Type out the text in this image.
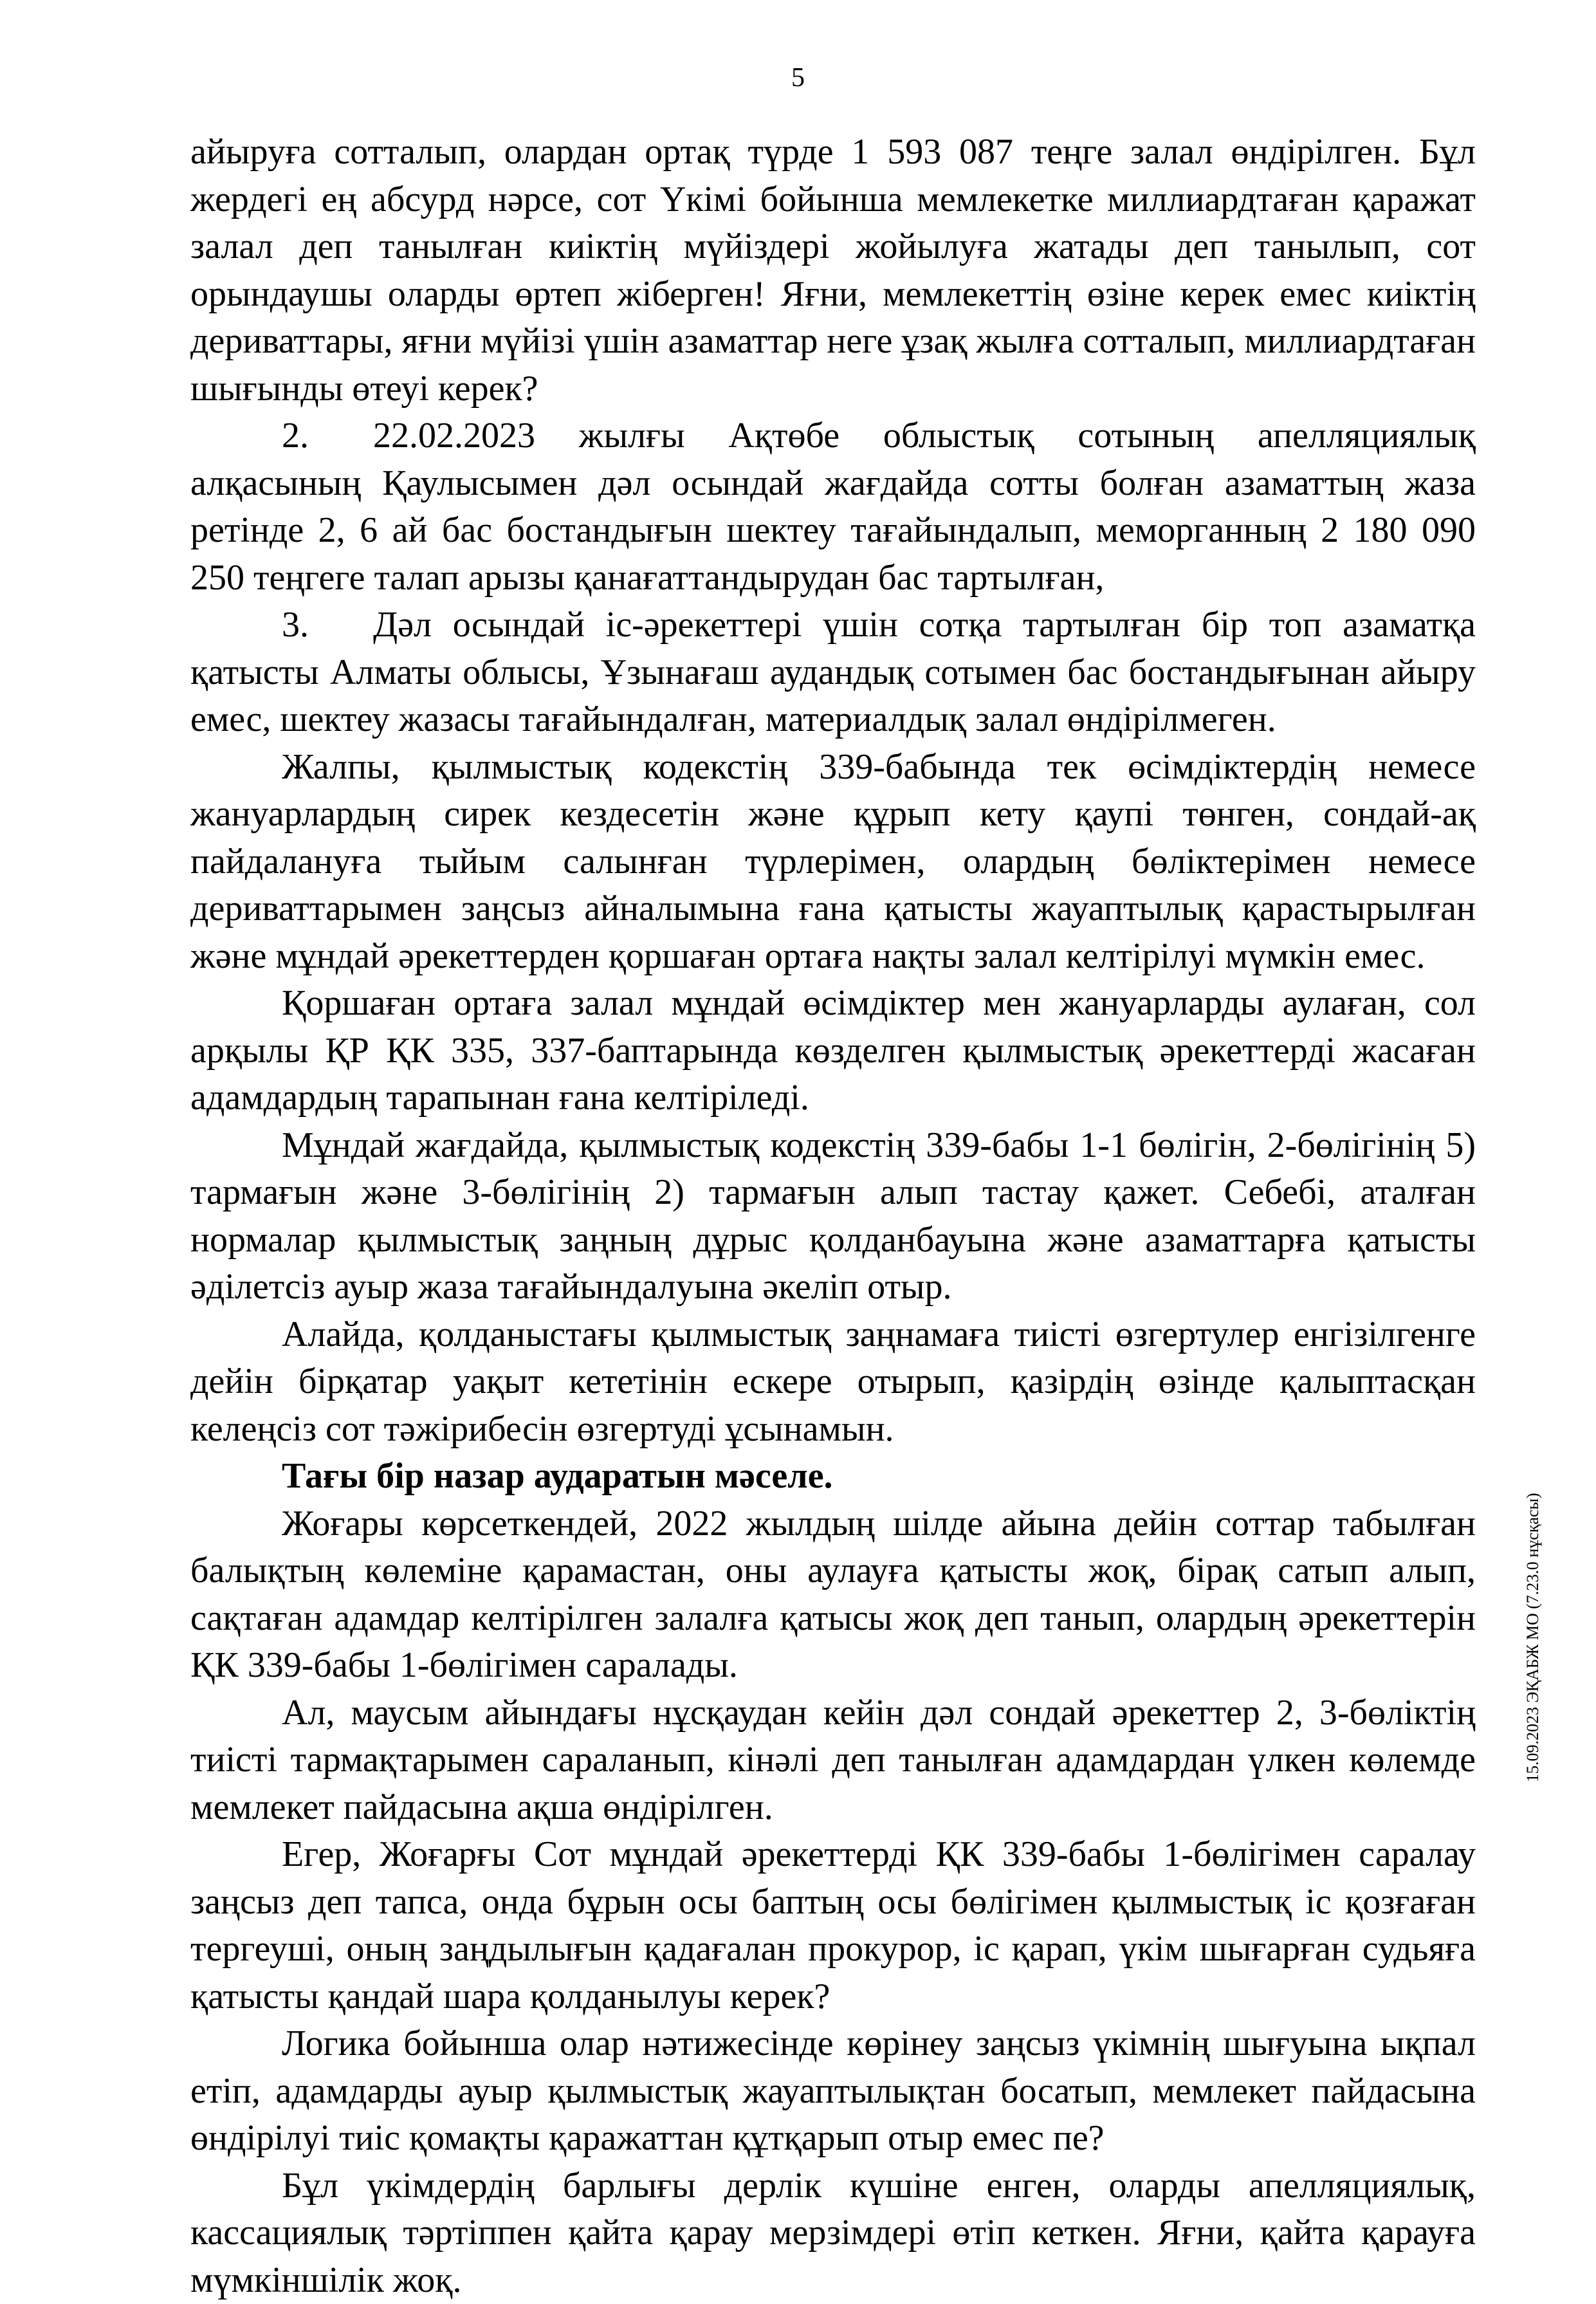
5

айыруға сотталып, олардан ортақ түрде 1 593 087 теңге залал өндірілген. Бұл жердегі ең абсурд нәрсе, сот Үкімі бойынша мемлекетке миллиардтаған қаражат залал деп танылған киіктің мүйіздері жойылуға жатады деп танылып, сот орындаушы оларды өртеп жіберген! Яғни, мемлекеттің өзіне керек емес киіктің дериваттары, яғни мүйізі үшін азаматтар неге ұзақ жылға сотталып, миллиардтаған шығынды өтеуі керек?

2. 22.02.2023 жылғы Ақтөбе облыстық сотының апелляциялық алқасының Қаулысымен дәл осындай жағдайда сотты болған азаматтың жаза ретінде 2, 6 ай бас бостандығын шектеу тағайындалып, меморганның 2 180 090 250 теңгеге талап арызы қанағаттандырудан бас тартылған,

3. Дәл осындай іс-әрекеттері үшін сотқа тартылған бір топ азаматқа қатысты Алматы облысы, Ұзынағаш аудандық сотымен бас бостандығынан айыру емес, шектеу жазасы тағайындалған, материалдық залал өндірілмеген.

Жалпы, қылмыстық кодекстің 339-бабында тек өсімдіктердің немесе жануарлардың сирек кездесетін және құрып кету қаупі төнген, сондай-ақ пайдалануға тыйым салынған түрлерімен, олардың бөліктерімен немесе дериваттарымен заңсыз айналымына ғана қатысты жауаптылық қарастырылған және мұндай әрекеттерден қоршаған ортаға нақты залал келтірілуі мүмкін емес.

Қоршаған ортаға залал мұндай өсімдіктер мен жануарларды аулаған, сол арқылы ҚР ҚК 335, 337-баптарында көзделген қылмыстық әрекеттерді жасаған адамдардың тарапынан ғана келтіріледі.

Мұндай жағдайда, қылмыстық кодекстің 339-бабы 1-1 бөлігін, 2-бөлігінің 5) тармағын және 3-бөлігінің 2) тармағын алып тастау қажет. Себебі, аталған нормалар қылмыстық заңның дұрыс қолданбауына және азаматтарға қатысты әділетсіз ауыр жаза тағайындалуына әкеліп отыр.

Алайда, қолданыстағы қылмыстық заңнамаға тиісті өзгертулер енгізілгенге дейін бірқатар уақыт кететінін ескере отырып, қазірдің өзінде қалыптасқан келеңсіз сот тәжірибесін өзгертуді ұсынамын.

Тағы бір назар аударатын мәселе.

Жоғары көрсеткендей, 2022 жылдың шілде айына дейін соттар табылған балықтың көлеміне қарамастан, оны аулауға қатысты жоқ, бірақ сатып алып, сақтаған адамдар келтірілген залалға қатысы жоқ деп танып, олардың әрекеттерін ҚК 339-бабы 1-бөлігімен саралады.

Ал, маусым айындағы нұсқаудан кейін дәл сондай әрекеттер 2, 3-бөліктің тиісті тармақтарымен сараланып, кінәлі деп танылған адамдардан үлкен көлемде мемлекет пайдасына ақша өндірілген.

Егер, Жоғарғы Сот мұндай әрекеттерді ҚК 339-бабы 1-бөлігімен саралау заңсыз деп тапса, онда бұрын осы баптың осы бөлігімен қылмыстық іс қозғаған тергеуші, оның заңдылығын қадағалан прокурор, іс қарап, үкім шығарған судьяға қатысты қандай шара қолданылуы керек?

Логика бойынша олар нәтижесінде көрінеу заңсыз үкімнің шығуына ықпал етіп, адамдарды ауыр қылмыстық жауаптылықтан босатып, мемлекет пайдасына өндірілуі тиіс қомақты қаражаттан құтқарып отыр емес пе?

Бұл үкімдердің барлығы дерлік күшіне енген, оларды апелляциялық, кассациялық тәртіппен қайта қарау мерзімдері өтіп кеткен. Яғни, қайта қарауға мүмкіншілік жоқ.

15.09.2023 ЭҚАБЖ МО (7.23.0 нұсқасы)
